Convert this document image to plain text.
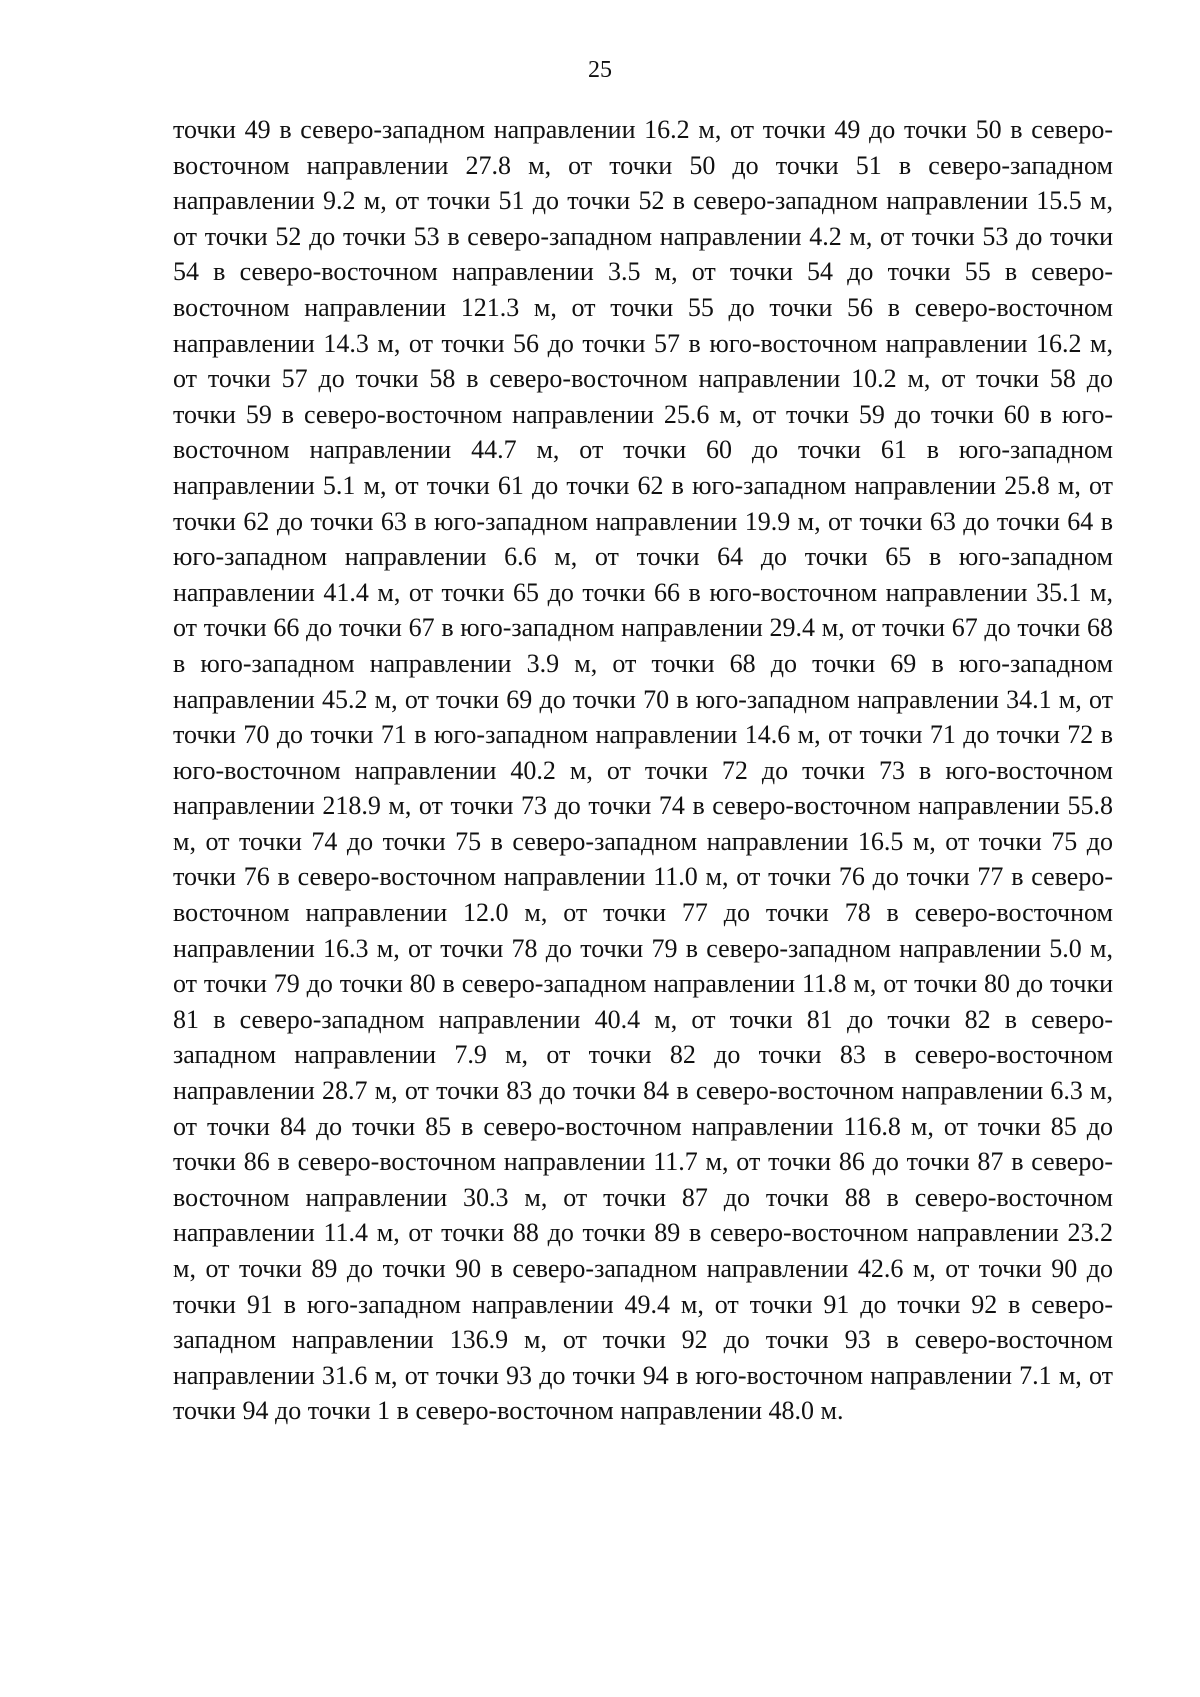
25

точки 49 в северо-западном направлении 16.2 м, от точки 49 до точки 50 в северо-восточном направлении 27.8 м, от точки 50 до точки 51 в северо-западном направлении 9.2 м, от точки 51 до точки 52 в северо-западном направлении 15.5 м, от точки 52 до точки 53 в северо-западном направлении 4.2 м, от точки 53 до точки 54 в северо-восточном направлении 3.5 м, от точки 54 до точки 55 в северо-восточном направлении 121.3 м, от точки 55 до точки 56 в северо-восточном направлении 14.3 м, от точки 56 до точки 57 в юго-восточном направлении 16.2 м, от точки 57 до точки 58 в северо-восточном направлении 10.2 м, от точки 58 до точки 59 в северо-восточном направлении 25.6 м, от точки 59 до точки 60 в юго-восточном направлении 44.7 м, от точки 60 до точки 61 в юго-западном направлении 5.1 м, от точки 61 до точки 62 в юго-западном направлении 25.8 м, от точки 62 до точки 63 в юго-западном направлении 19.9 м, от точки 63 до точки 64 в юго-западном направлении 6.6 м, от точки 64 до точки 65 в юго-западном направлении 41.4 м, от точки 65 до точки 66 в юго-восточном направлении 35.1 м, от точки 66 до точки 67 в юго-западном направлении 29.4 м, от точки 67 до точки 68 в юго-западном направлении 3.9 м, от точки 68 до точки 69 в юго-западном направлении 45.2 м, от точки 69 до точки 70 в юго-западном направлении 34.1 м, от точки 70 до точки 71 в юго-западном направлении 14.6 м, от точки 71 до точки 72 в юго-восточном направлении 40.2 м, от точки 72 до точки 73 в юго-восточном направлении 218.9 м, от точки 73 до точки 74 в северо-восточном направлении 55.8 м, от точки 74 до точки 75 в северо-западном направлении 16.5 м, от точки 75 до точки 76 в северо-восточном направлении 11.0 м, от точки 76 до точки 77 в северо-восточном направлении 12.0 м, от точки 77 до точки 78 в северо-восточном направлении 16.3 м, от точки 78 до точки 79 в северо-западном направлении 5.0 м, от точки 79 до точки 80 в северо-западном направлении 11.8 м, от точки 80 до точки 81 в северо-западном направлении 40.4 м, от точки 81 до точки 82 в северо-западном направлении 7.9 м, от точки 82 до точки 83 в северо-восточном направлении 28.7 м, от точки 83 до точки 84 в северо-восточном направлении 6.3 м, от точки 84 до точки 85 в северо-восточном направлении 116.8 м, от точки 85 до точки 86 в северо-восточном направлении 11.7 м, от точки 86 до точки 87 в северо-восточном направлении 30.3 м, от точки 87 до точки 88 в северо-восточном направлении 11.4 м, от точки 88 до точки 89 в северо-восточном направлении 23.2 м, от точки 89 до точки 90 в северо-западном направлении 42.6 м, от точки 90 до точки 91 в юго-западном направлении 49.4 м, от точки 91 до точки 92 в северо-западном направлении 136.9 м, от точки 92 до точки 93 в северо-восточном направлении 31.6 м, от точки 93 до точки 94 в юго-восточном направлении 7.1 м, от точки 94 до точки 1 в северо-восточном направлении 48.0 м.
